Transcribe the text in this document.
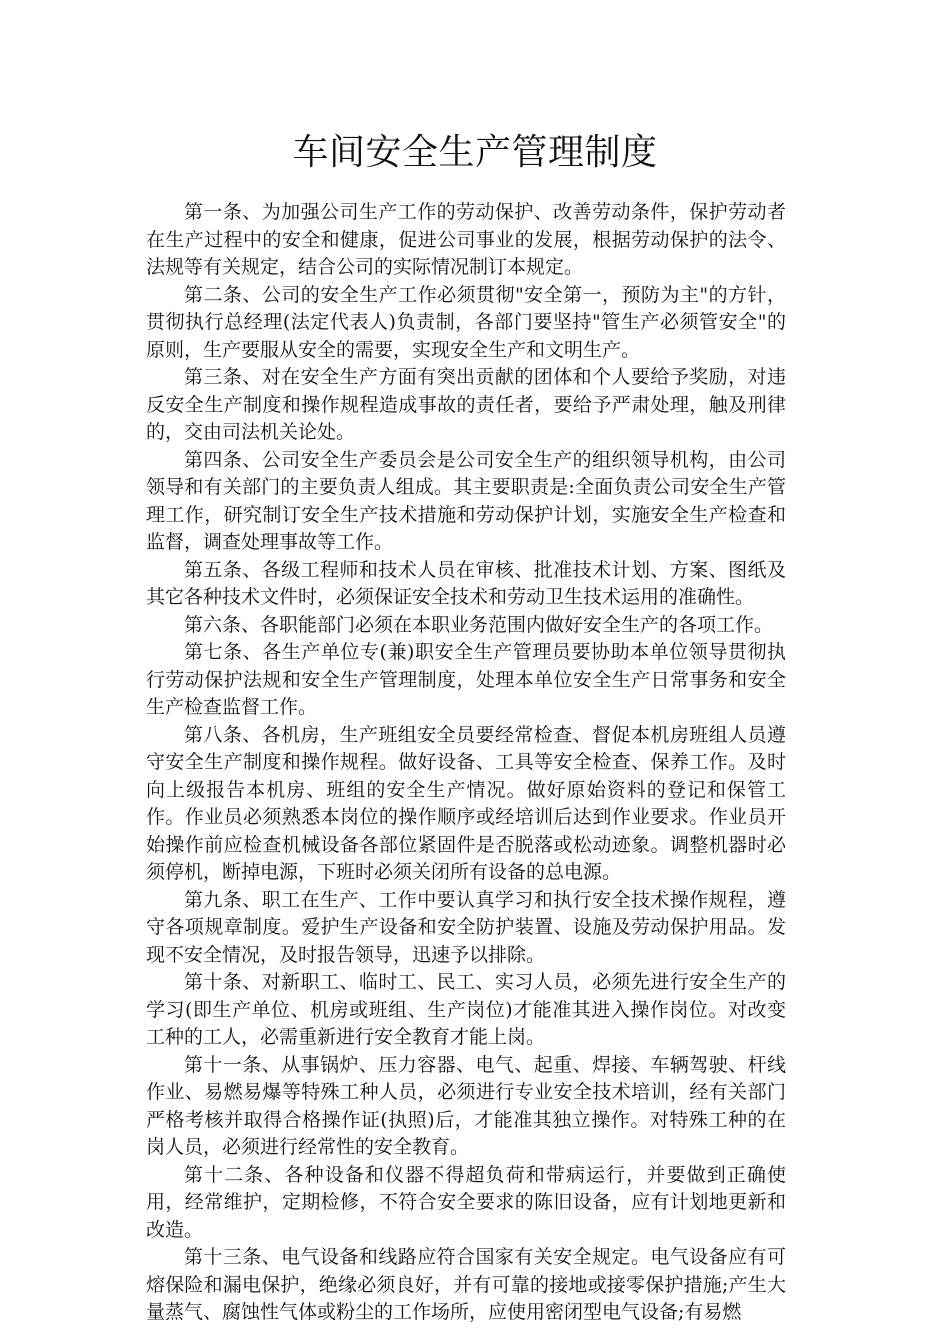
车间安全生产管理制度

第一条、为加强公司生产工作的劳动保护、改善劳动条件，保护劳动者在生产过程中的安全和健康，促进公司事业的发展，根据劳动保护的法令、法规等有关规定，结合公司的实际情况制订本规定。

第二条、公司的安全生产工作必须贯彻"安全第一，预防为主"的方针，贯彻执行总经理(法定代表人)负责制，各部门要坚持"管生产必须管安全"的原则，生产要服从安全的需要，实现安全生产和文明生产。

第三条、对在安全生产方面有突出贡献的团体和个人要给予奖励，对违反安全生产制度和操作规程造成事故的责任者，要给予严肃处理，触及刑律的，交由司法机关论处。

第四条、公司安全生产委员会是公司安全生产的组织领导机构，由公司领导和有关部门的主要负责人组成。其主要职责是:全面负责公司安全生产管理工作，研究制订安全生产技术措施和劳动保护计划，实施安全生产检查和监督，调查处理事故等工作。

第五条、各级工程师和技术人员在审核、批准技术计划、方案、图纸及其它各种技术文件时，必须保证安全技术和劳动卫生技术运用的准确性。

第六条、各职能部门必须在本职业务范围内做好安全生产的各项工作。

第七条、各生产单位专(兼)职安全生产管理员要协助本单位领导贯彻执行劳动保护法规和安全生产管理制度，处理本单位安全生产日常事务和安全生产检查监督工作。

第八条、各机房，生产班组安全员要经常检查、督促本机房班组人员遵守安全生产制度和操作规程。做好设备、工具等安全检查、保养工作。及时向上级报告本机房、班组的安全生产情况。做好原始资料的登记和保管工作。作业员必须熟悉本岗位的操作顺序或经培训后达到作业要求。作业员开始操作前应检查机械设备各部位紧固件是否脱落或松动迹象。调整机器时必须停机，断掉电源，下班时必须关闭所有设备的总电源。

第九条、职工在生产、工作中要认真学习和执行安全技术操作规程，遵守各项规章制度。爱护生产设备和安全防护装置、设施及劳动保护用品。发现不安全情况，及时报告领导，迅速予以排除。

第十条、对新职工、临时工、民工、实习人员，必须先进行安全生产的学习(即生产单位、机房或班组、生产岗位)才能准其进入操作岗位。对改变工种的工人，必需重新进行安全教育才能上岗。

第十一条、从事锅炉、压力容器、电气、起重、焊接、车辆驾驶、杆线作业、易燃易爆等特殊工种人员，必须进行专业安全技术培训，经有关部门严格考核并取得合格操作证(执照)后，才能准其独立操作。对特殊工种的在岗人员，必须进行经常性的安全教育。

第十二条、各种设备和仪器不得超负荷和带病运行，并要做到正确使用，经常维护，定期检修，不符合安全要求的陈旧设备，应有计划地更新和改造。

第十三条、电气设备和线路应符合国家有关安全规定。电气设备应有可熔保险和漏电保护，绝缘必须良好，并有可靠的接地或接零保护措施;产生大量蒸气、腐蚀性气体或粉尘的工作场所，应使用密闭型电气设备;有易燃
